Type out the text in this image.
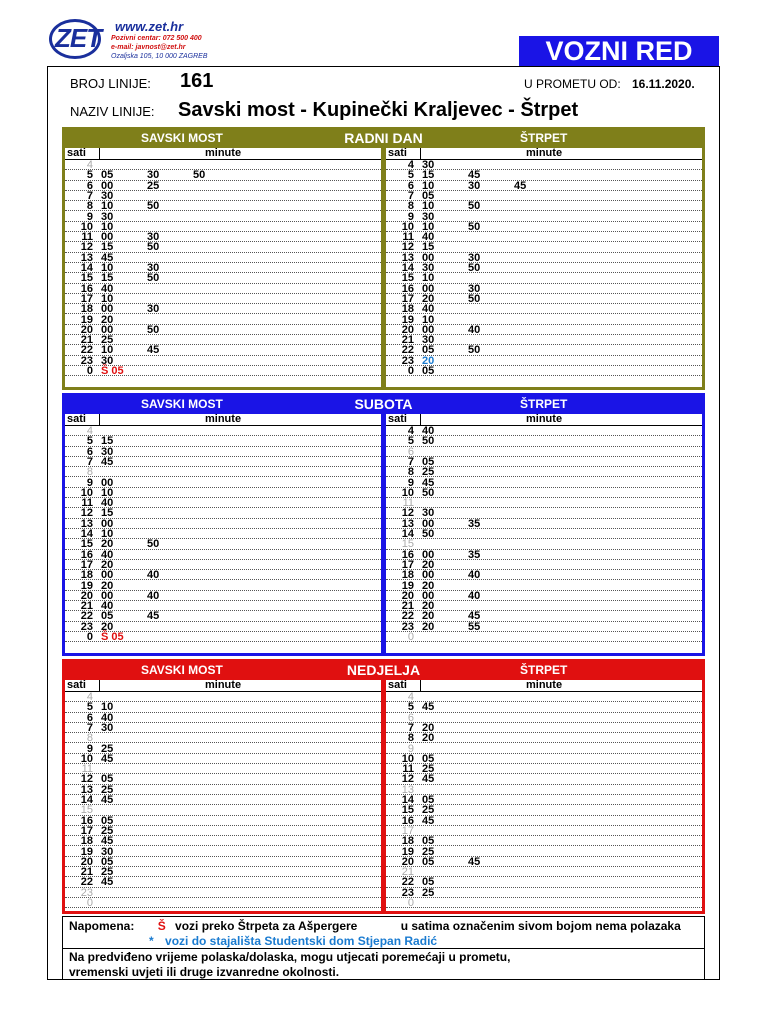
ZET www.zet.hr
Pozivni centar: 072 500 400
e-mail: javnost@zet.hr
Ozaljska 105, 10 000 ZAGREB	VOZNI RED
BROJ LINIJE: 161	U PROMETU OD: 16.11.2020.
NAZIV LINIJE: Savski most - Kupinečki Kraljevec - Štrpet
RADNI DAN
SAVSKI MOST	ŠTRPET
sati	minute
4
5 05	30	50
6 00	25
7 30
8 10	50
9 30
10 10
11 00	30
12 15	50
13 45
14 10	30
15 15	50
16 40
17 10
18 00	30
19 20
20 00	50
21 25
22 10	45
23 30
0 Š 05
sati	minute
4 30
5 15	45
6 10	30	45
7 05
8 10	50
9 30
10 10	50
11 40
12 15
13 00	30
14 30	50
15 10
16 00	30
17 20	50
18 40
19 10
20 00	40
21 30
22 05	50
23 20
0 05
SUBOTA
SAVSKI MOST	ŠTRPET
sati	minute
4
5 15
6 30
7 45
8
9 00
10 10
11 40
12 15
13 00
14 10
15 20	50
16 40
17 20
18 00	40
19 20
20 00	40
21 40
22 05	45
23 20
0 Š 05
sati	minute
4 40
5 50
6
7 05
8 25
9 45
10 50
11
12 30
13 00	35
14 50
15
16 00	35
17 20
18 00	40
19 20
20 00	40
21 20
22 20	45
23 20	55
0
NEDJELJA
SAVSKI MOST	ŠTRPET
sati	minute
4
5 10
6 40
7 30
8
9 25
10 45
11
12 05
13 25
14 45
15
16 05
17 25
18 45
19 30
20 05
21 25
22 45
23
0
sati	minute
4
5 45
6
7 20
8 20
9
10 05
11 25
12 45
13
14 05
15 25
16 45
17
18 05
19 25
20 05	45
21
22 05
23 25
0
Napomena: Š vozi preko Štrpeta za Ašpergere	u satima označenim sivom bojom nema polazaka
* vozi do stajališta Studentski dom Stjepan Radić
Na predviđeno vrijeme polaska/dolaska, mogu utjecati poremećaji u prometu,
vremenski uvjeti ili druge izvanredne okolnosti.
